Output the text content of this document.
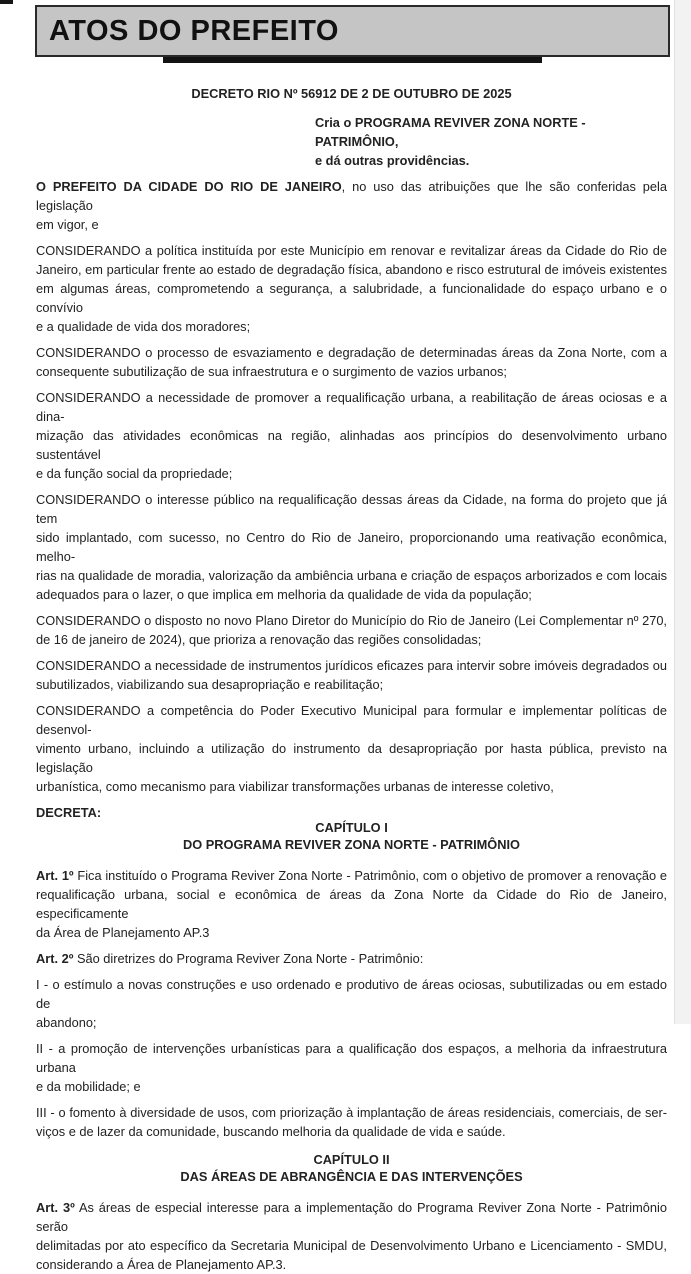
ATOS DO PREFEITO
DECRETO RIO Nº 56912 DE 2 DE OUTUBRO DE 2025
Cria o PROGRAMA REVIVER ZONA NORTE - PATRIMÔNIO,
e dá outras providências.
O PREFEITO DA CIDADE DO RIO DE JANEIRO, no uso das atribuições que lhe são conferidas pela legislação
em vigor, e
CONSIDERANDO a política instituída por este Município em renovar e revitalizar áreas da Cidade do Rio de
Janeiro, em particular frente ao estado de degradação física, abandono e risco estrutural de imóveis existentes
em algumas áreas, comprometendo a segurança, a salubridade, a funcionalidade do espaço urbano e o convívio
e a qualidade de vida dos moradores;
CONSIDERANDO o processo de esvaziamento e degradação de determinadas áreas da Zona Norte, com a
consequente subutilização de sua infraestrutura e o surgimento de vazios urbanos;
CONSIDERANDO a necessidade de promover a requalificação urbana, a reabilitação de áreas ociosas e a dina-
mização das atividades econômicas na região, alinhadas aos princípios do desenvolvimento urbano sustentável
e da função social da propriedade;
CONSIDERANDO o interesse público na requalificação dessas áreas da Cidade, na forma do projeto que já tem
sido implantado, com sucesso, no Centro do Rio de Janeiro, proporcionando uma reativação econômica, melho-
rias na qualidade de moradia, valorização da ambiência urbana e criação de espaços arborizados e com locais
adequados para o lazer, o que implica em melhoria da qualidade de vida da população;
CONSIDERANDO o disposto no novo Plano Diretor do Município do Rio de Janeiro (Lei Complementar nº 270,
de 16 de janeiro de 2024), que prioriza a renovação das regiões consolidadas;
CONSIDERANDO a necessidade de instrumentos jurídicos eficazes para intervir sobre imóveis degradados ou
subutilizados, viabilizando sua desapropriação e reabilitação;
CONSIDERANDO a competência do Poder Executivo Municipal para formular e implementar políticas de desenvol-
vimento urbano, incluindo a utilização do instrumento da desapropriação por hasta pública, previsto na legislação
urbanística, como mecanismo para viabilizar transformações urbanas de interesse coletivo,
DECRETA:
CAPÍTULO I
DO PROGRAMA REVIVER ZONA NORTE - PATRIMÔNIO
Art. 1º Fica instituído o Programa Reviver Zona Norte - Patrimônio, com o objetivo de promover a renovação e
requalificação urbana, social e econômica de áreas da Zona Norte da Cidade do Rio de Janeiro, especificamente
da Área de Planejamento AP.3
Art. 2º São diretrizes do Programa Reviver Zona Norte - Patrimônio:
I - o estímulo a novas construções e uso ordenado e produtivo de áreas ociosas, subutilizadas ou em estado de
abandono;
II - a promoção de intervenções urbanísticas para a qualificação dos espaços, a melhoria da infraestrutura urbana
e da mobilidade; e
III - o fomento à diversidade de usos, com priorização à implantação de áreas residenciais, comerciais, de ser-
viços e de lazer da comunidade, buscando melhoria da qualidade de vida e saúde.
CAPÍTULO II
DAS ÁREAS DE ABRANGÊNCIA E DAS INTERVENÇÕES
Art. 3º As áreas de especial interesse para a implementação do Programa Reviver Zona Norte - Patrimônio serão
delimitadas por ato específico da Secretaria Municipal de Desenvolvimento Urbano e Licenciamento - SMDU,
considerando a Área de Planejamento AP.3.
